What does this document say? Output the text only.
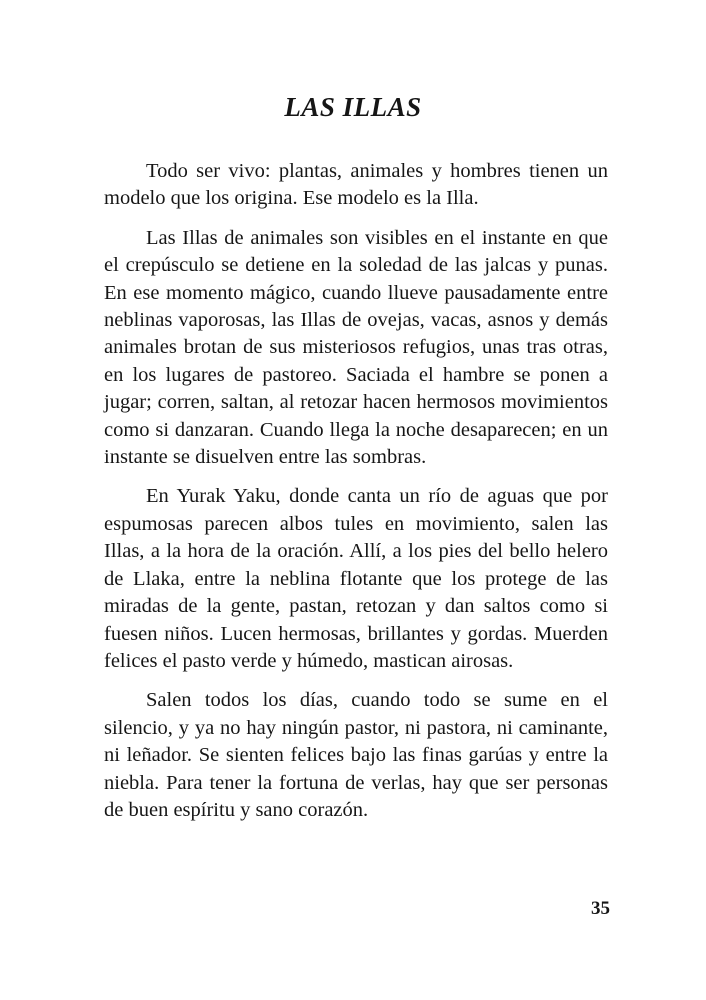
LAS ILLAS

Todo ser vivo: plantas, animales y hombres tienen un modelo que los origina. Ese modelo es la Illa.

Las Illas de animales son visibles en el instante en que el crepúsculo se detiene en la soledad de las jalcas y punas. En ese momento mágico, cuando llueve pausadamente entre neblinas vaporosas, las Illas de ovejas, vacas, asnos y demás animales brotan de sus misteriosos refugios, unas tras otras, en los lugares de pastoreo. Saciada el hambre se ponen a jugar; corren, saltan, al retozar hacen hermosos movimientos como si danzaran. Cuando llega la noche desaparecen; en un instante se disuelven entre las sombras.

En Yurak Yaku, donde canta un río de aguas que por espumosas parecen albos tules en movimiento, salen las Illas, a la hora de la oración. Allí, a los pies del bello helero de Llaka, entre la neblina flotante que los protege de las miradas de la gente, pastan, retozan y dan saltos como si fuesen niños. Lucen hermosas, brillantes y gordas. Muerden felices el pasto verde y húmedo, mastican airosas.

Salen todos los días, cuando todo se sume en el silencio, y ya no hay ningún pastor, ni pastora, ni caminante, ni leñador. Se sienten felices bajo las finas garúas y entre la niebla. Para tener la fortuna de verlas, hay que ser personas de buen espíritu y sano corazón.

35
